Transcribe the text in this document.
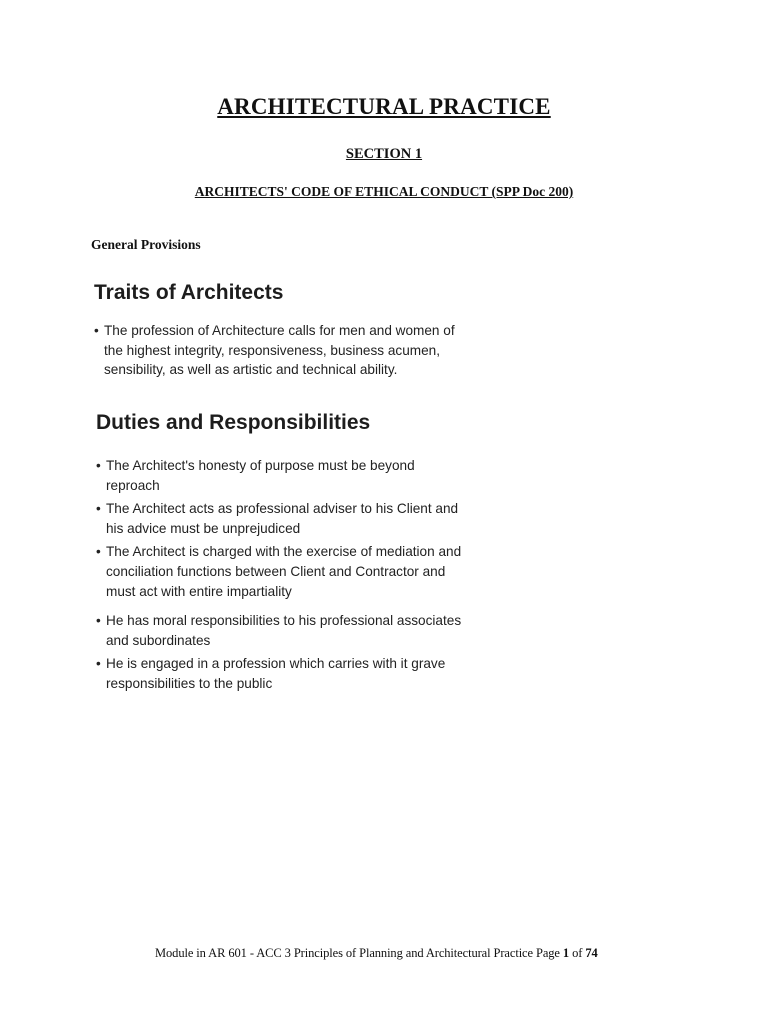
ARCHITECTURAL PRACTICE
SECTION 1
ARCHITECTS' CODE OF ETHICAL CONDUCT (SPP Doc 200)
General Provisions
Traits of Architects
• The profession of Architecture calls for men and women of the highest integrity, responsiveness, business acumen, sensibility, as well as artistic and technical ability.
Duties and Responsibilities
• The Architect's honesty of purpose must be beyond reproach
• The Architect acts as professional adviser to his Client and his advice must be unprejudiced
• The Architect is charged with the exercise of mediation and conciliation functions between Client and Contractor and must act with entire impartiality
• He has moral responsibilities to his professional associates and subordinates
• He is engaged in a profession which carries with it grave responsibilities to the public
Module in AR 601 - ACC 3 Principles of Planning and Architectural Practice Page 1 of 74
